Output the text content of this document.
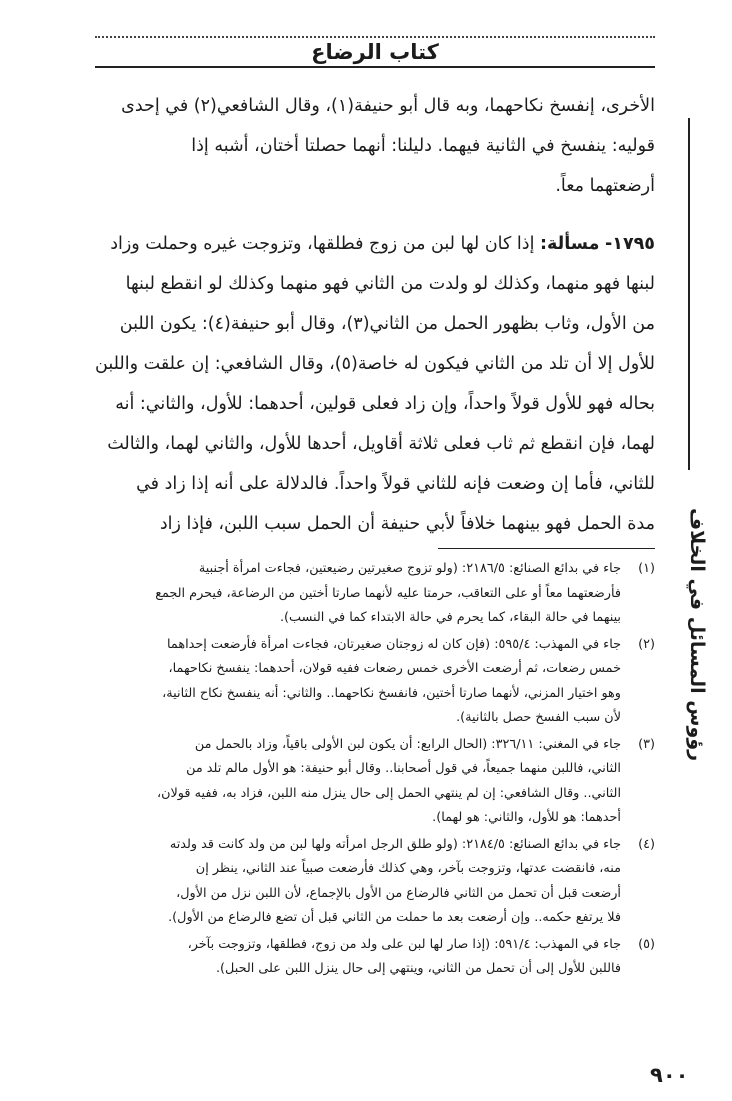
كتاب الرضاع
رؤوس المسائل في الخلاف

الأخرى، إنفسخ نكاحهما، وبه قال أبو حنيفة(١)، وقال الشافعي(٢) في إحدى

قوليه: ينفسخ في الثانية فيهما. دليلنا: أنهما حصلتا أختان، أشبه إذا

أرضعتهما معاً.

١٧٩٥- مسألة: إذا كان لها لبن من زوج فطلقها، وتزوجت غيره وحملت وزاد

لبنها فهو منهما، وكذلك لو ولدت من الثاني فهو منهما وكذلك لو انقطع لبنها

من الأول، وثاب بظهور الحمل من الثاني(٣)، وقال أبو حنيفة(٤): يكون اللبن

للأول إلا أن تلد من الثاني فيكون له خاصة(٥)، وقال الشافعي: إن علقت واللبن

بحاله فهو للأول قولاً واحداً، وإن زاد فعلى قولين، أحدهما: للأول، والثاني: أنه

لهما، فإن انقطع ثم ثاب فعلى ثلاثة أقاويل، أحدها للأول، والثاني لهما، والثالث

للثاني، فأما إن وضعت فإنه للثاني قولاً واحداً. فالدلالة على أنه إذا زاد في

مدة الحمل فهو بينهما خلافاً لأبي حنيفة أن الحمل سبب اللبن، فإذا زاد

(١)

جاء في بدائع الصنائع: ٢١٨٦/٥: (ولو تزوج صغيرتين رضيعتين، فجاءت امرأة أجنبية

فأرضعتهما معاً أو على التعاقب، حرمتا عليه لأنهما صارتا أختين من الرضاعة، فيحرم الجمع

بينهما في حالة البقاء، كما يحرم في حالة الابتداء كما في النسب).

(٢)

جاء في المهذب: ٥٩٥/٤: (فإن كان له زوجتان صغيرتان، فجاءت امرأة فأرضعت إحداهما

خمس رضعات، ثم أرضعت الأخرى خمس رضعات ففيه قولان، أحدهما: ينفسخ نكاحهما،

وهو اختيار المزني، لأنهما صارتا أختين، فانفسخ نكاحهما.. والثاني: أنه ينفسخ نكاح الثانية،

لأن سبب الفسخ حصل بالثانية).

(٣)

جاء في المغني: ٣٢٦/١١: (الحال الرابع: أن يكون لبن الأولى باقياً، وزاد بالحمل من

الثاني، فاللبن منهما جميعاً، في قول أصحابنا.. وقال أبو حنيفة: هو الأول مالم تلد من

الثاني.. وقال الشافعي: إن لم ينتهي الحمل إلى حال ينزل منه اللبن، فزاد به، ففيه قولان،

أحدهما: هو للأول، والثاني: هو لهما).

(٤)

جاء في بدائع الصنائع: ٢١٨٤/٥: (ولو طلق الرجل امرأته ولها لبن من ولد كانت قد ولدته

منه، فانقضت عدتها، وتزوجت بآخر، وهي كذلك فأرضعت صبياً عند الثاني، ينظر إن

أرضعت قبل أن تحمل من الثاني فالرضاع من الأول بالإجماع، لأن اللبن نزل من الأول،

فلا يرتفع حكمه.. وإن أرضعت بعد ما حملت من الثاني قبل أن تضع فالرضاع من الأول).

(٥)

جاء في المهذب: ٥٩١/٤: (إذا صار لها لبن على ولد من زوج، فطلقها، وتزوجت بآخر،

فاللبن للأول إلى أن تحمل من الثاني، وينتهي إلى حال ينزل اللبن على الحبل).

٩٠٠
